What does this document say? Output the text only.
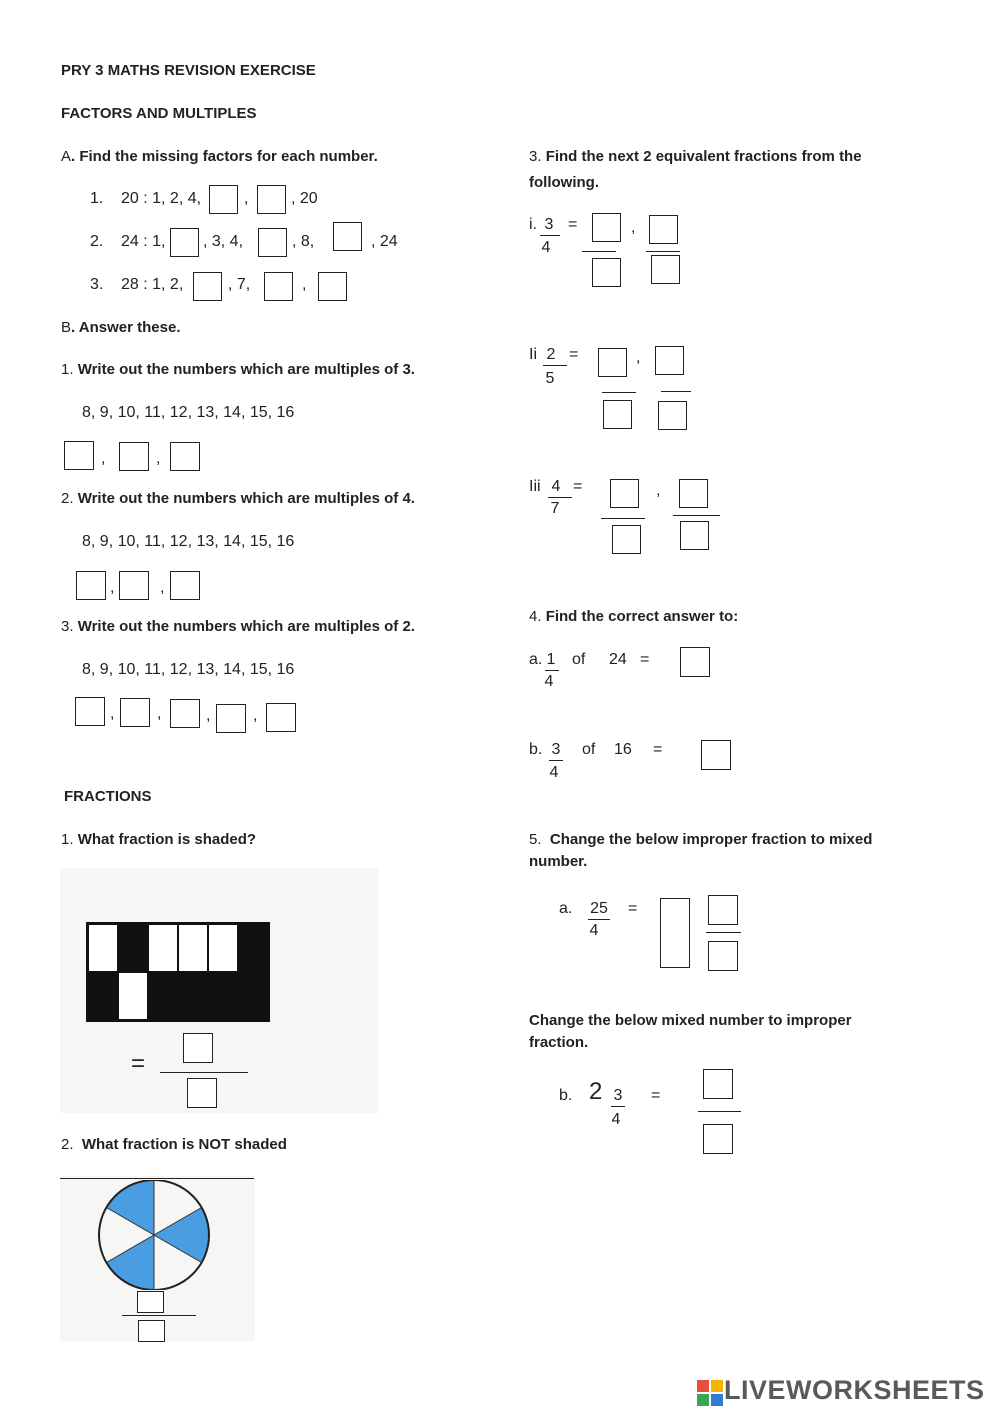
PRY 3 MATHS REVISION EXERCISE
FACTORS AND MULTIPLES
A. Find the missing factors for each number.
1. 20 : 1, 2, 4,	,	, 20
2. 24 : 1, , 3, 4,	, 8,	, 24
3. 28 : 1, 2,	, 7,	,
B. Answer these.
1. Write out the numbers which are multiples of 3.
8, 9, 10, 11, 12, 13, 14, 15, 16
,	,
2. Write out the numbers which are multiples of 4.
8, 9, 10, 11, 12, 13, 14, 15, 16
,	,
3. Write out the numbers which are multiples of 2.
8, 9, 10, 11, 12, 13, 14, 15, 16
,	,	,	,
FRACTIONS
1. What fraction is shaded?
=
2. What fraction is NOT shaded
3. Find the next 2 equivalent fractions from the
following.
i. 3
4
=	,
Ii 2
5
=	,
Iii 4
7
=	,
4. Find the correct answer to:
a. 1
4
of 24 =
b. 3
4
of 16 =
5. Change the below improper fraction to mixed
number.
a. 25
4
=
Change the below mixed number to improper
fraction.
b. 2 3
4
=
LIVEWORKSHEETS
